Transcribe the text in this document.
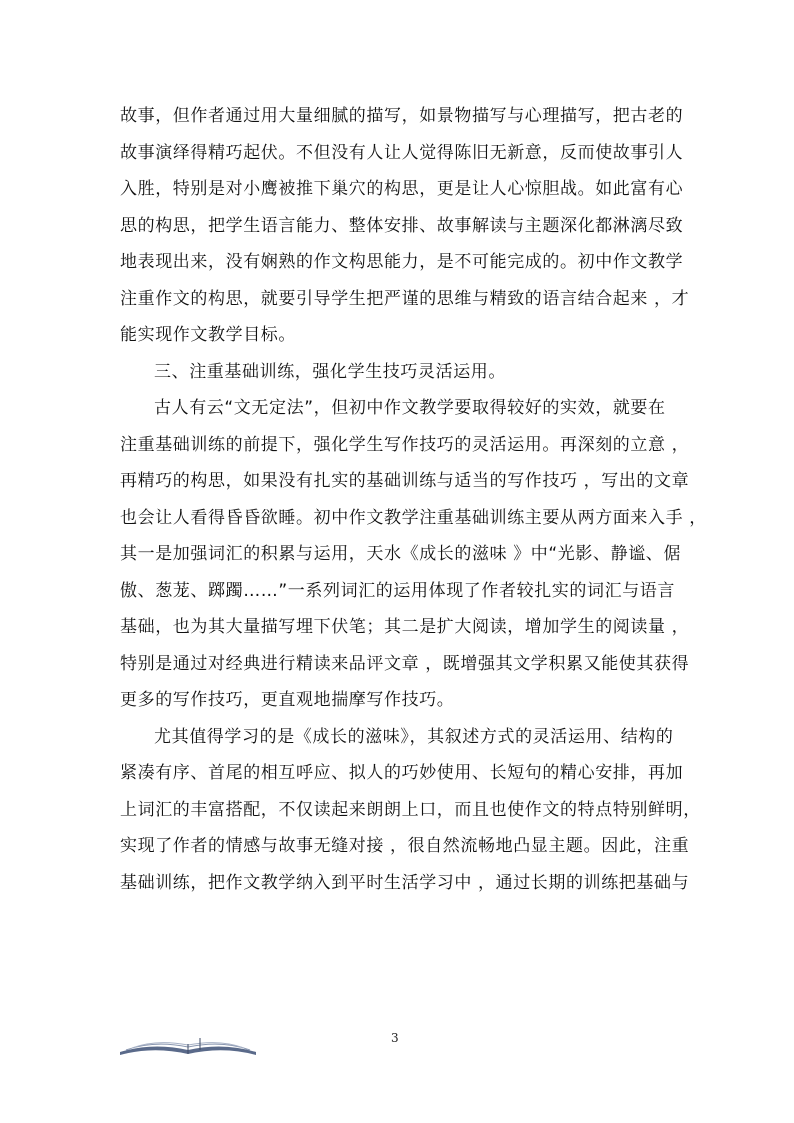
故事，但作者通过用大量细腻的描写，如景物描写与心理描写，把古老的
故事演绎得精巧起伏。不但没有人让人觉得陈旧无新意，反而使故事引人
入胜，特别是对小鹰被推下巢穴的构思，更是让人心惊胆战。如此富有心
思的构思，把学生语言能力、整体安排、故事解读与主题深化都淋漓尽致
地表现出来，没有娴熟的作文构思能力，是不可能完成的。初中作文教学
注重作文的构思，就要引导学生把严谨的思维与精致的语言结合起来 ，才
能实现作文教学目标。
三、注重基础训练，强化学生技巧灵活运用。
古人有云“文无定法”，但初中作文教学要取得较好的实效，就要在
注重基础训练的前提下，强化学生写作技巧的灵活运用。再深刻的立意 ，
再精巧的构思，如果没有扎实的基础训练与适当的写作技巧 ，写出的文章
也会让人看得昏昏欲睡。初中作文教学注重基础训练主要从两方面来入手 ，
其一是加强词汇的积累与运用，天水《成长的滋味 》中“光影、静谧、倨
傲、葱茏、踯躅……”一系列词汇的运用体现了作者较扎实的词汇与语言
基础，也为其大量描写埋下伏笔；其二是扩大阅读，增加学生的阅读量 ，
特别是通过对经典进行精读来品评文章 ，既增强其文学积累又能使其获得
更多的写作技巧，更直观地揣摩写作技巧。
尤其值得学习的是《成长的滋味》，其叙述方式的灵活运用、结构的
紧凑有序、首尾的相互呼应、拟人的巧妙使用、长短句的精心安排，再加
上词汇的丰富搭配，不仅读起来朗朗上口，而且也使作文的特点特别鲜明，
实现了作者的情感与故事无缝对接 ，很自然流畅地凸显主题。因此，注重
基础训练，把作文教学纳入到平时生活学习中 ，通过长期的训练把基础与
3
